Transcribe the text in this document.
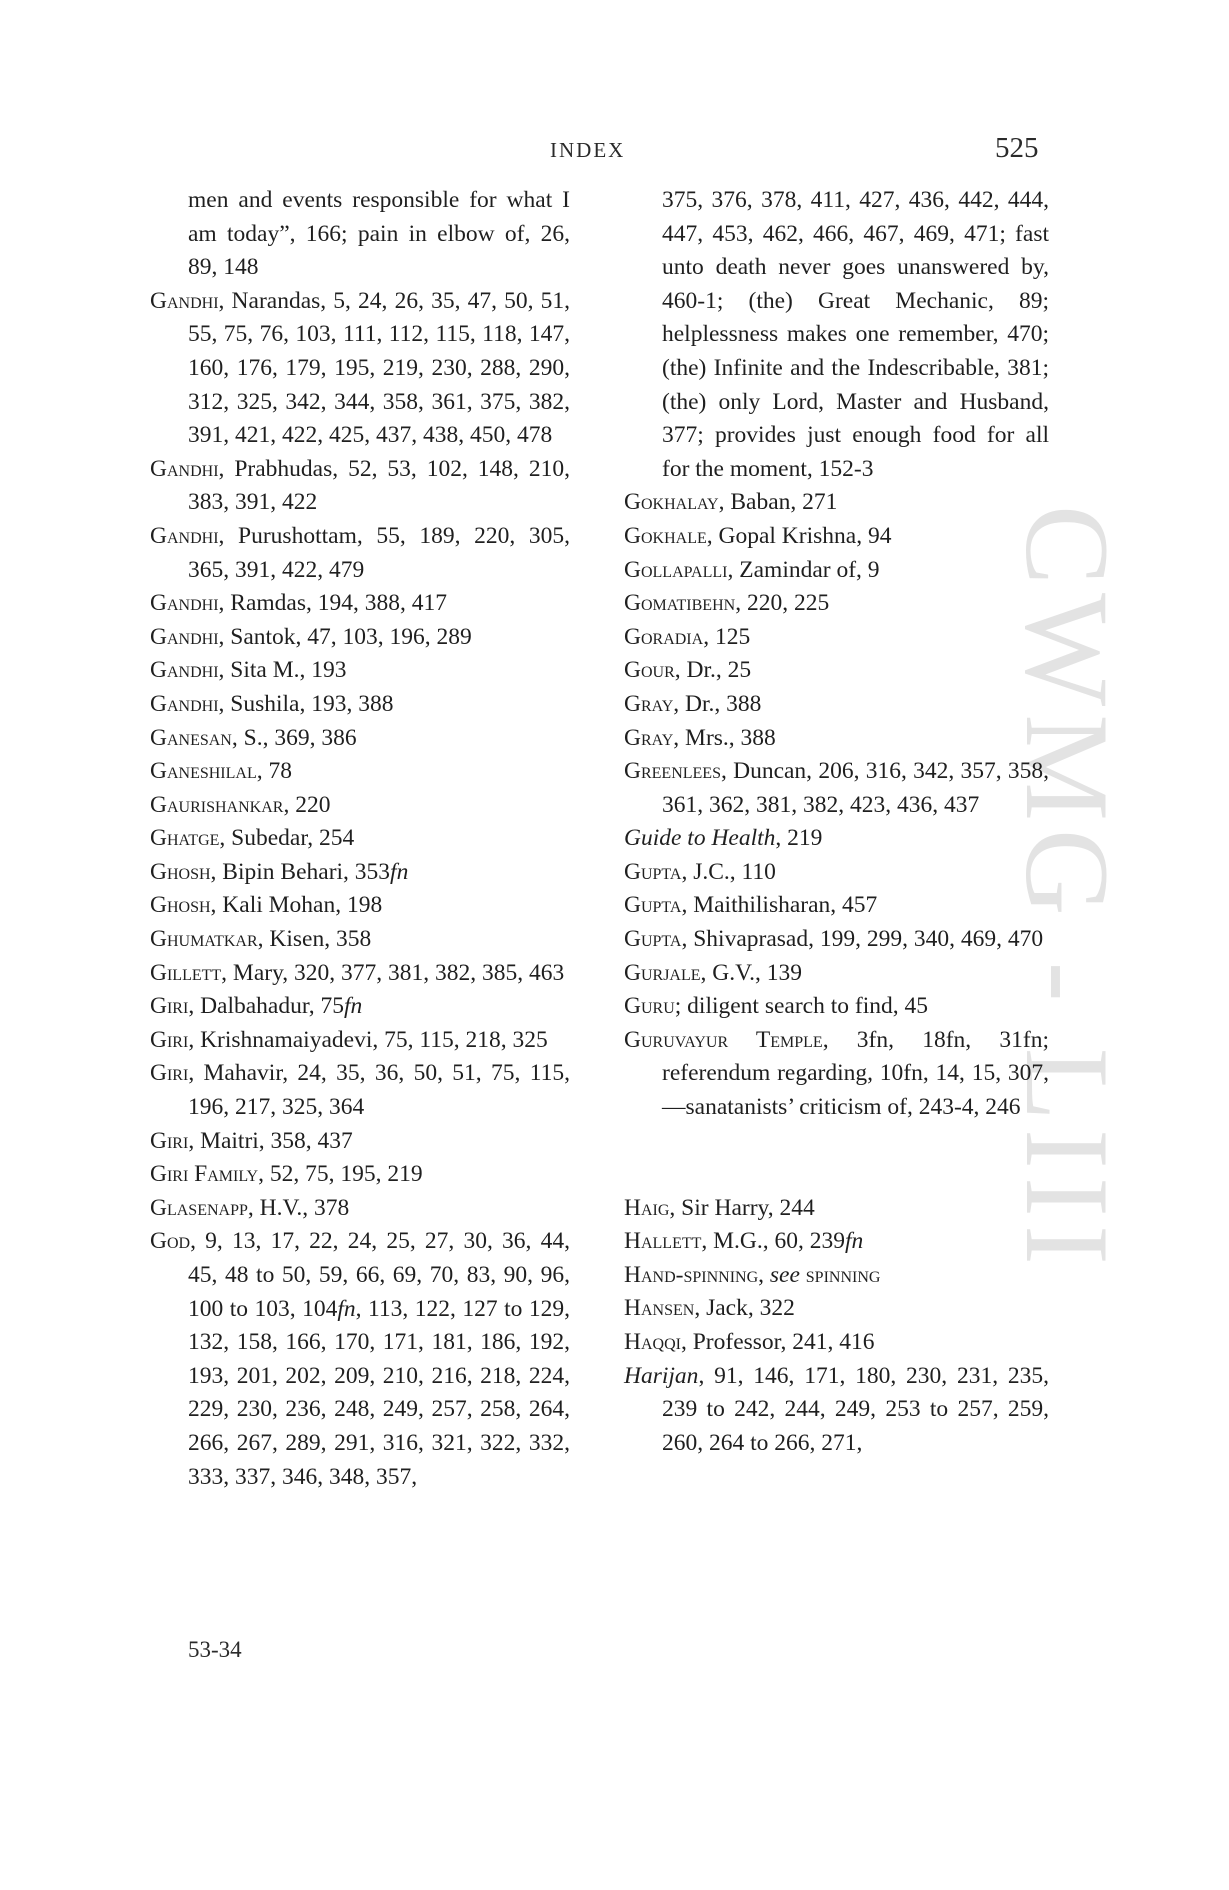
INDEX	525
CWMG - LIII
men and events responsible for what I am today”, 166; pain in elbow of, 26, 89, 148
Gandhi, Narandas, 5, 24, 26, 35, 47, 50, 51, 55, 75, 76, 103, 111, 112, 115, 118, 147, 160, 176, 179, 195, 219, 230, 288, 290, 312, 325, 342, 344, 358, 361, 375, 382, 391, 421, 422, 425, 437, 438, 450, 478
Gandhi, Prabhudas, 52, 53, 102, 148, 210, 383, 391, 422
Gandhi, Purushottam, 55, 189, 220, 305, 365, 391, 422, 479
Gandhi, Ramdas, 194, 388, 417
Gandhi, Santok, 47, 103, 196, 289
Gandhi, Sita M., 193
Gandhi, Sushila, 193, 388
Ganesan, S., 369, 386
Ganeshilal, 78
Gaurishankar, 220
Ghatge, Subedar, 254
Ghosh, Bipin Behari, 353fn
Ghosh, Kali Mohan, 198
Ghumatkar, Kisen, 358
Gillett, Mary, 320, 377, 381, 382, 385, 463
Giri, Dalbahadur, 75fn
Giri, Krishnamaiyadevi, 75, 115, 218, 325
Giri, Mahavir, 24, 35, 36, 50, 51, 75, 115, 196, 217, 325, 364
Giri, Maitri, 358, 437
Giri Family, 52, 75, 195, 219
Glasenapp, H.V., 378
God, 9, 13, 17, 22, 24, 25, 27, 30, 36, 44, 45, 48 to 50, 59, 66, 69, 70, 83, 90, 96, 100 to 103, 104fn, 113, 122, 127 to 129, 132, 158, 166, 170, 171, 181, 186, 192, 193, 201, 202, 209, 210, 216, 218, 224, 229, 230, 236, 248, 249, 257, 258, 264, 266, 267, 289, 291, 316, 321, 322, 332, 333, 337, 346, 348, 357,
375, 376, 378, 411, 427, 436, 442, 444, 447, 453, 462, 466, 467, 469, 471; fast unto death never goes unanswered by, 460-1; (the) Great Mechanic, 89; helplessness makes one remember, 470; (the) Infinite and the Indescribable, 381; (the) only Lord, Master and Husband, 377; provides just enough food for all for the moment, 152-3
Gokhalay, Baban, 271
Gokhale, Gopal Krishna, 94
Gollapalli, Zamindar of, 9
Gomatibehn, 220, 225
Goradia, 125
Gour, Dr., 25
Gray, Dr., 388
Gray, Mrs., 388
Greenlees, Duncan, 206, 316, 342, 357, 358, 361, 362, 381, 382, 423, 436, 437
Guide to Health, 219
Gupta, J.C., 110
Gupta, Maithilisharan, 457
Gupta, Shivaprasad, 199, 299, 340, 469, 470
Gurjale, G.V., 139
Guru; diligent search to find, 45
Guruvayur Temple, 3fn, 18fn, 31fn; referendum regarding, 10fn, 14, 15, 307, —sanatanists’ criticism of, 243-4, 246
Haig, Sir Harry, 244
Hallett, M.G., 60, 239fn
Hand-spinning, see spinning
Hansen, Jack, 322
Haqqi, Professor, 241, 416
Harijan, 91, 146, 171, 180, 230, 231, 235, 239 to 242, 244, 249, 253 to 257, 259, 260, 264 to 266, 271,
53-34
